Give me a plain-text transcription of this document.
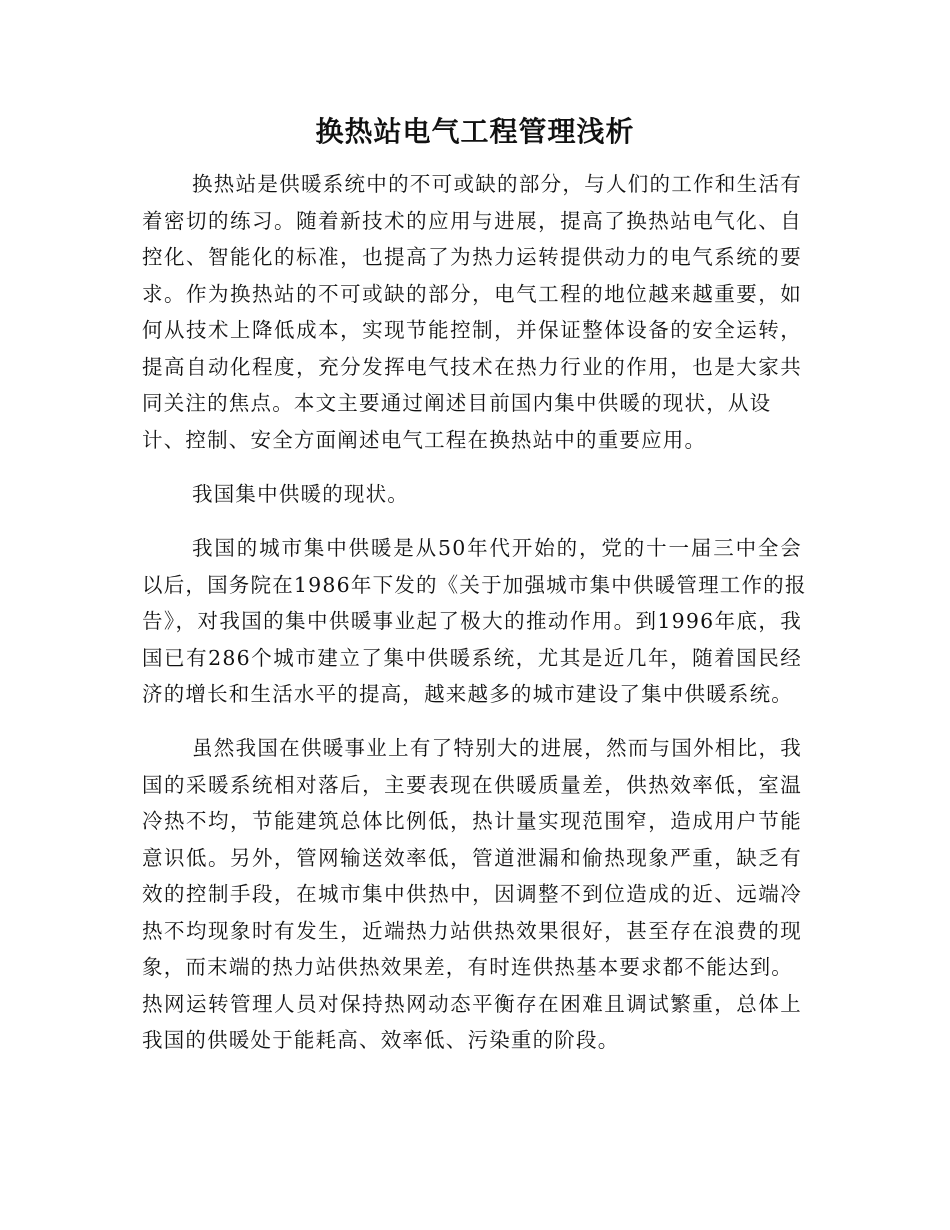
换热站电气工程管理浅析
换热站是供暖系统中的不可或缺的部分，与人们的工作和生活有
着密切的练习。随着新技术的应用与进展，提高了换热站电气化、自
控化、智能化的标准，也提高了为热力运转提供动力的电气系统的要
求。作为换热站的不可或缺的部分，电气工程的地位越来越重要，如
何从技术上降低成本，实现节能控制，并保证整体设备的安全运转，
提高自动化程度，充分发挥电气技术在热力行业的作用，也是大家共
同关注的焦点。本文主要通过阐述目前国内集中供暖的现状，从设
计、控制、安全方面阐述电气工程在换热站中的重要应用。
我国集中供暖的现状。
我国的城市集中供暖是从50年代开始的，党的十一届三中全会
以后，国务院在1986年下发的《关于加强城市集中供暖管理工作的报
告》，对我国的集中供暖事业起了极大的推动作用。到1996年底，我
国已有286个城市建立了集中供暖系统，尤其是近几年，随着国民经
济的增长和生活水平的提高，越来越多的城市建设了集中供暖系统。
虽然我国在供暖事业上有了特别大的进展，然而与国外相比，我
国的采暖系统相对落后，主要表现在供暖质量差，供热效率低，室温
冷热不均，节能建筑总体比例低，热计量实现范围窄，造成用户节能
意识低。另外，管网输送效率低，管道泄漏和偷热现象严重，缺乏有
效的控制手段，在城市集中供热中，因调整不到位造成的近、远端冷
热不均现象时有发生，近端热力站供热效果很好，甚至存在浪费的现
象，而末端的热力站供热效果差，有时连供热基本要求都不能达到。
热网运转管理人员对保持热网动态平衡存在困难且调试繁重，总体上
我国的供暖处于能耗高、效率低、污染重的阶段。
